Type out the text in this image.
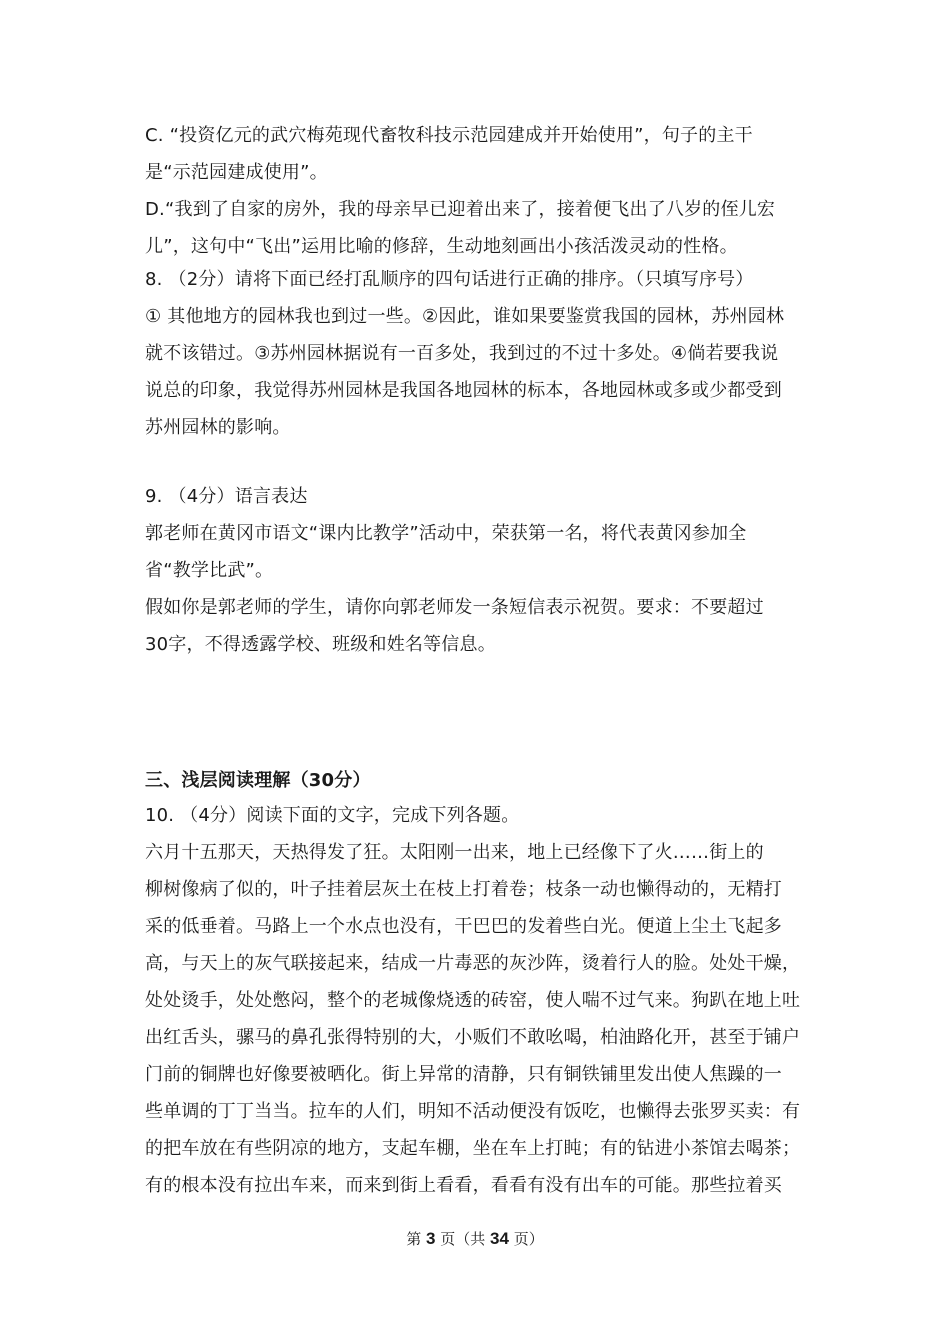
C. “投资亿元的武穴梅苑现代畜牧科技示范园建成并开始使用”，句子的主干
是“示范园建成使用”。
D.“我到了自家的房外，我的母亲早已迎着出来了，接着便飞出了八岁的侄儿宏
儿”，这句中“飞出”运用比喻的修辞，生动地刻画出小孩活泼灵动的性格。
8. （2分）请将下面已经打乱顺序的四句话进行正确的排序。（只填写序号）
① 其他地方的园林我也到过一些。②因此，谁如果要鉴赏我国的园林，苏州园林
就不该错过。③苏州园林据说有一百多处，我到过的不过十多处。④倘若要我说
说总的印象，我觉得苏州园林是我国各地园林的标本，各地园林或多或少都受到
苏州园林的影响。
9. （4分）语言表达
郭老师在黄冈市语文“课内比教学”活动中，荣获第一名，将代表黄冈参加全
省“教学比武”。
假如你是郭老师的学生，请你向郭老师发一条短信表示祝贺。要求：不要超过
30字，不得透露学校、班级和姓名等信息。
三、浅层阅读理解（30分）
10. （4分）阅读下面的文字，完成下列各题。
六月十五那天，天热得发了狂。太阳刚一出来，地上已经像下了火……街上的
柳树像病了似的，叶子挂着层灰土在枝上打着卷；枝条一动也懒得动的，无精打
采的低垂着。马路上一个水点也没有，干巴巴的发着些白光。便道上尘土飞起多
高，与天上的灰气联接起来，结成一片毒恶的灰沙阵，烫着行人的脸。处处干燥，
处处烫手，处处憋闷，整个的老城像烧透的砖窑，使人喘不过气来。狗趴在地上吐
出红舌头，骡马的鼻孔张得特别的大，小贩们不敢吆喝，柏油路化开，甚至于铺户
门前的铜牌也好像要被晒化。街上异常的清静，只有铜铁铺里发出使人焦躁的一
些单调的丁丁当当。拉车的人们，明知不活动便没有饭吃，也懒得去张罗买卖：有
的把车放在有些阴凉的地方，支起车棚，坐在车上打盹；有的钻进小茶馆去喝茶；
有的根本没有拉出车来，而来到街上看看，看看有没有出车的可能。那些拉着买
第 3 页（共 34 页）
